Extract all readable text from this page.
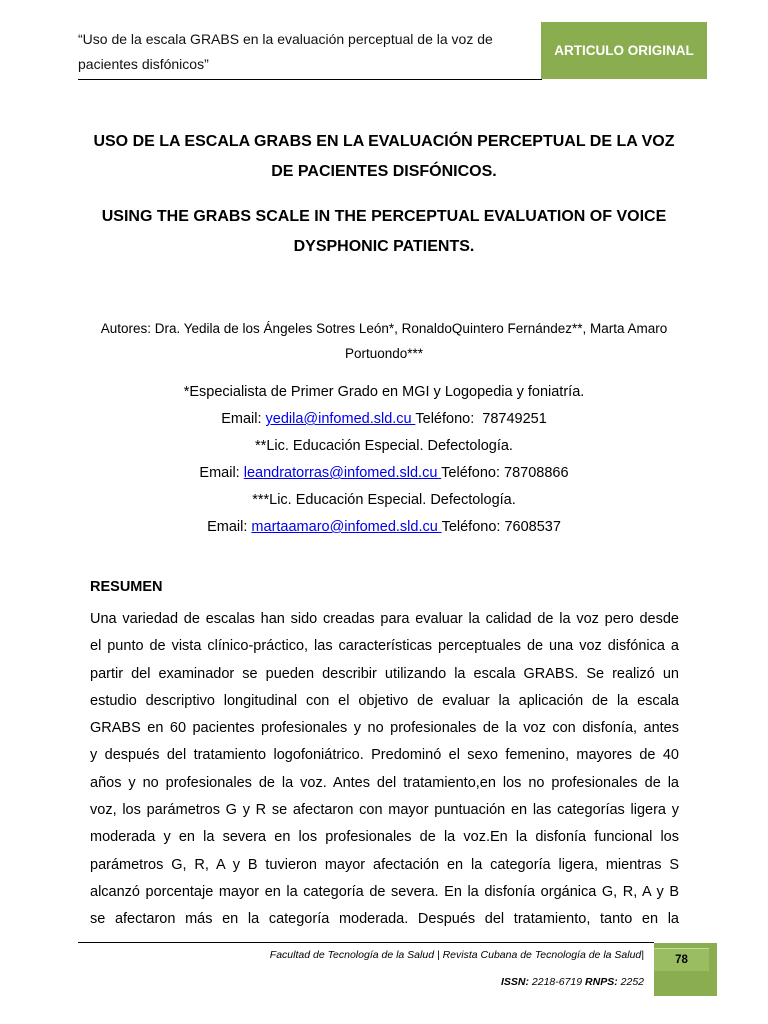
“Uso de la escala GRABS en la evaluación perceptual de la voz de pacientes disfónicos”
ARTICULO ORIGINAL
USO DE LA ESCALA GRABS EN LA EVALUACIÓN PERCEPTUAL DE LA VOZ DE PACIENTES DISFÓNICOS.
USING THE GRABS SCALE IN THE PERCEPTUAL EVALUATION OF VOICE DYSPHONIC PATIENTS.
Autores: Dra. Yedila de los Ángeles Sotres León*, RonaldoQuintero Fernández**, Marta Amaro Portuondo***
*Especialista de Primer Grado en MGI y Logopedia y foniatría.
Email: yedila@infomed.sld.cu Teléfono:  78749251
**Lic. Educación Especial. Defectología.
Email: leandratorras@infomed.sld.cu Teléfono: 78708866
***Lic. Educación Especial. Defectología.
Email: martaamaro@infomed.sld.cu Teléfono: 7608537
RESUMEN
Una variedad de escalas han sido creadas para evaluar la calidad de la voz pero desde
el punto de vista clínico-práctico, las características perceptuales de una voz disfónica a
partir del examinador se pueden describir utilizando la escala GRABS. Se realizó un
estudio descriptivo longitudinal con el objetivo de evaluar la aplicación de la escala
GRABS en 60 pacientes profesionales y no profesionales de la voz con disfonía, antes
y después del tratamiento logofoniátrico. Predominó el sexo femenino, mayores de 40
años y no profesionales de la voz. Antes del tratamiento,en los no profesionales de la
voz, los parámetros G y R se afectaron con mayor puntuación en las categorías ligera y
moderada y en la severa en los profesionales de la voz.En la disfonía funcional los
parámetros G, R, A y B tuvieron mayor afectación en la categoría ligera, mientras S
alcanzó porcentaje mayor en la categoría de severa. En la disfonía orgánica G, R, A y B
se afectaron más en la categoría moderada. Después del tratamiento, tanto en la
Facultad de Tecnología de la Salud | Revista Cubana de Tecnología de la Salud|
ISSN: 2218-6719 RNPS: 2252
78
